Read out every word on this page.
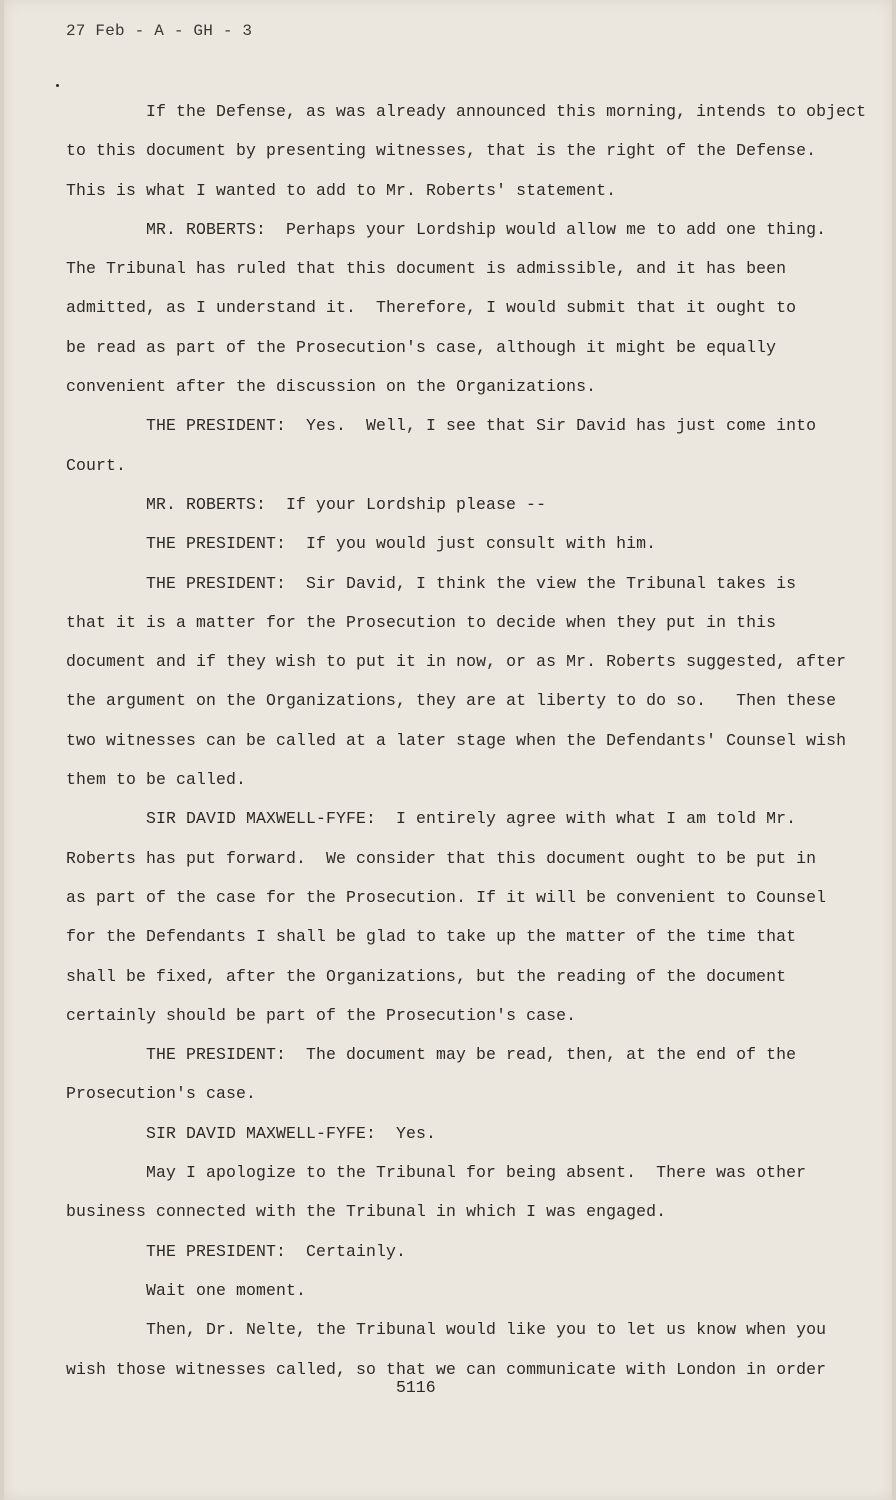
27 Feb - A - GH - 3
If the Defense, as was already announced this morning, intends to object
to this document by presenting witnesses, that is the right of the Defense.
This is what I wanted to add to Mr. Roberts' statement.
MR. ROBERTS:  Perhaps your Lordship would allow me to add one thing.
The Tribunal has ruled that this document is admissible, and it has been
admitted, as I understand it.  Therefore, I would submit that it ought to
be read as part of the Prosecution's case, although it might be equally
convenient after the discussion on the Organizations.
THE PRESIDENT:  Yes.  Well, I see that Sir David has just come into
Court.
MR. ROBERTS:  If your Lordship please --
THE PRESIDENT:  If you would just consult with him.
THE PRESIDENT:  Sir David, I think the view the Tribunal takes is
that it is a matter for the Prosecution to decide when they put in this
document and if they wish to put it in now, or as Mr. Roberts suggested, after
the argument on the Organizations, they are at liberty to do so.   Then these
two witnesses can be called at a later stage when the Defendants' Counsel wish
them to be called.
SIR DAVID MAXWELL-FYFE:  I entirely agree with what I am told Mr.
Roberts has put forward.  We consider that this document ought to be put in
as part of the case for the Prosecution. If it will be convenient to Counsel
for the Defendants I shall be glad to take up the matter of the time that
shall be fixed, after the Organizations, but the reading of the document
certainly should be part of the Prosecution's case.
THE PRESIDENT:  The document may be read, then, at the end of the
Prosecution's case.
SIR DAVID MAXWELL-FYFE:  Yes.
May I apologize to the Tribunal for being absent.  There was other
business connected with the Tribunal in which I was engaged.
THE PRESIDENT:  Certainly.
Wait one moment.
Then, Dr. Nelte, the Tribunal would like you to let us know when you
wish those witnesses called, so that we can communicate with London in order
5116
